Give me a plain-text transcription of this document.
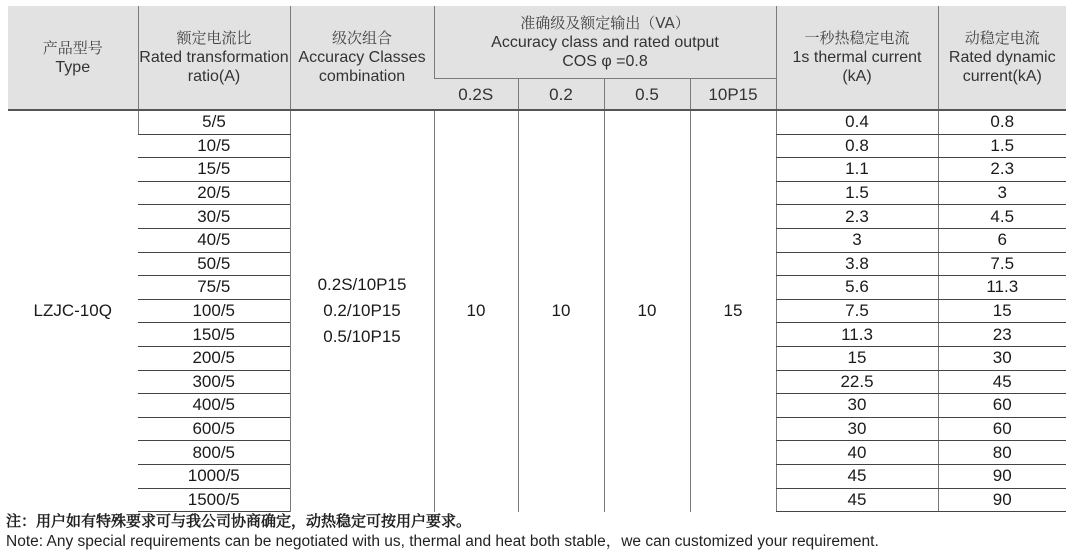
产品型号
Type	额定电流比
Rated transformation ratio(A)	级次组合
Accuracy Classes combination	准确级及额定输出（VA）
Accuracy class and rated output
COS φ =0.8				一秒热稳定电流
1s thermal current (kA)	动稳定电流
Rated dynamic current(kA)
			0.2S	0.2	0.5	10P15		
LZJC-10Q	5/5	0.2S/10P15
0.2/10P15
0.5/10P15	10	10	10	15	0.4	0.8
	10/5						0.8	1.5
	15/5						1.1	2.3
	20/5						1.5	3
	30/5						2.3	4.5
	40/5						3	6
	50/5						3.8	7.5
	75/5						5.6	11.3
	100/5						7.5	15
	150/5						11.3	23
	200/5						15	30
	300/5						22.5	45
	400/5						30	60
	600/5						30	60
	800/5						40	80
	1000/5						45	90
	1500/5						45	90
注：用户如有特殊要求可与我公司协商确定，动热稳定可按用户要求。
Note: Any special requirements can be negotiated with us, thermal and heat both stable，we can customized your requirement.
